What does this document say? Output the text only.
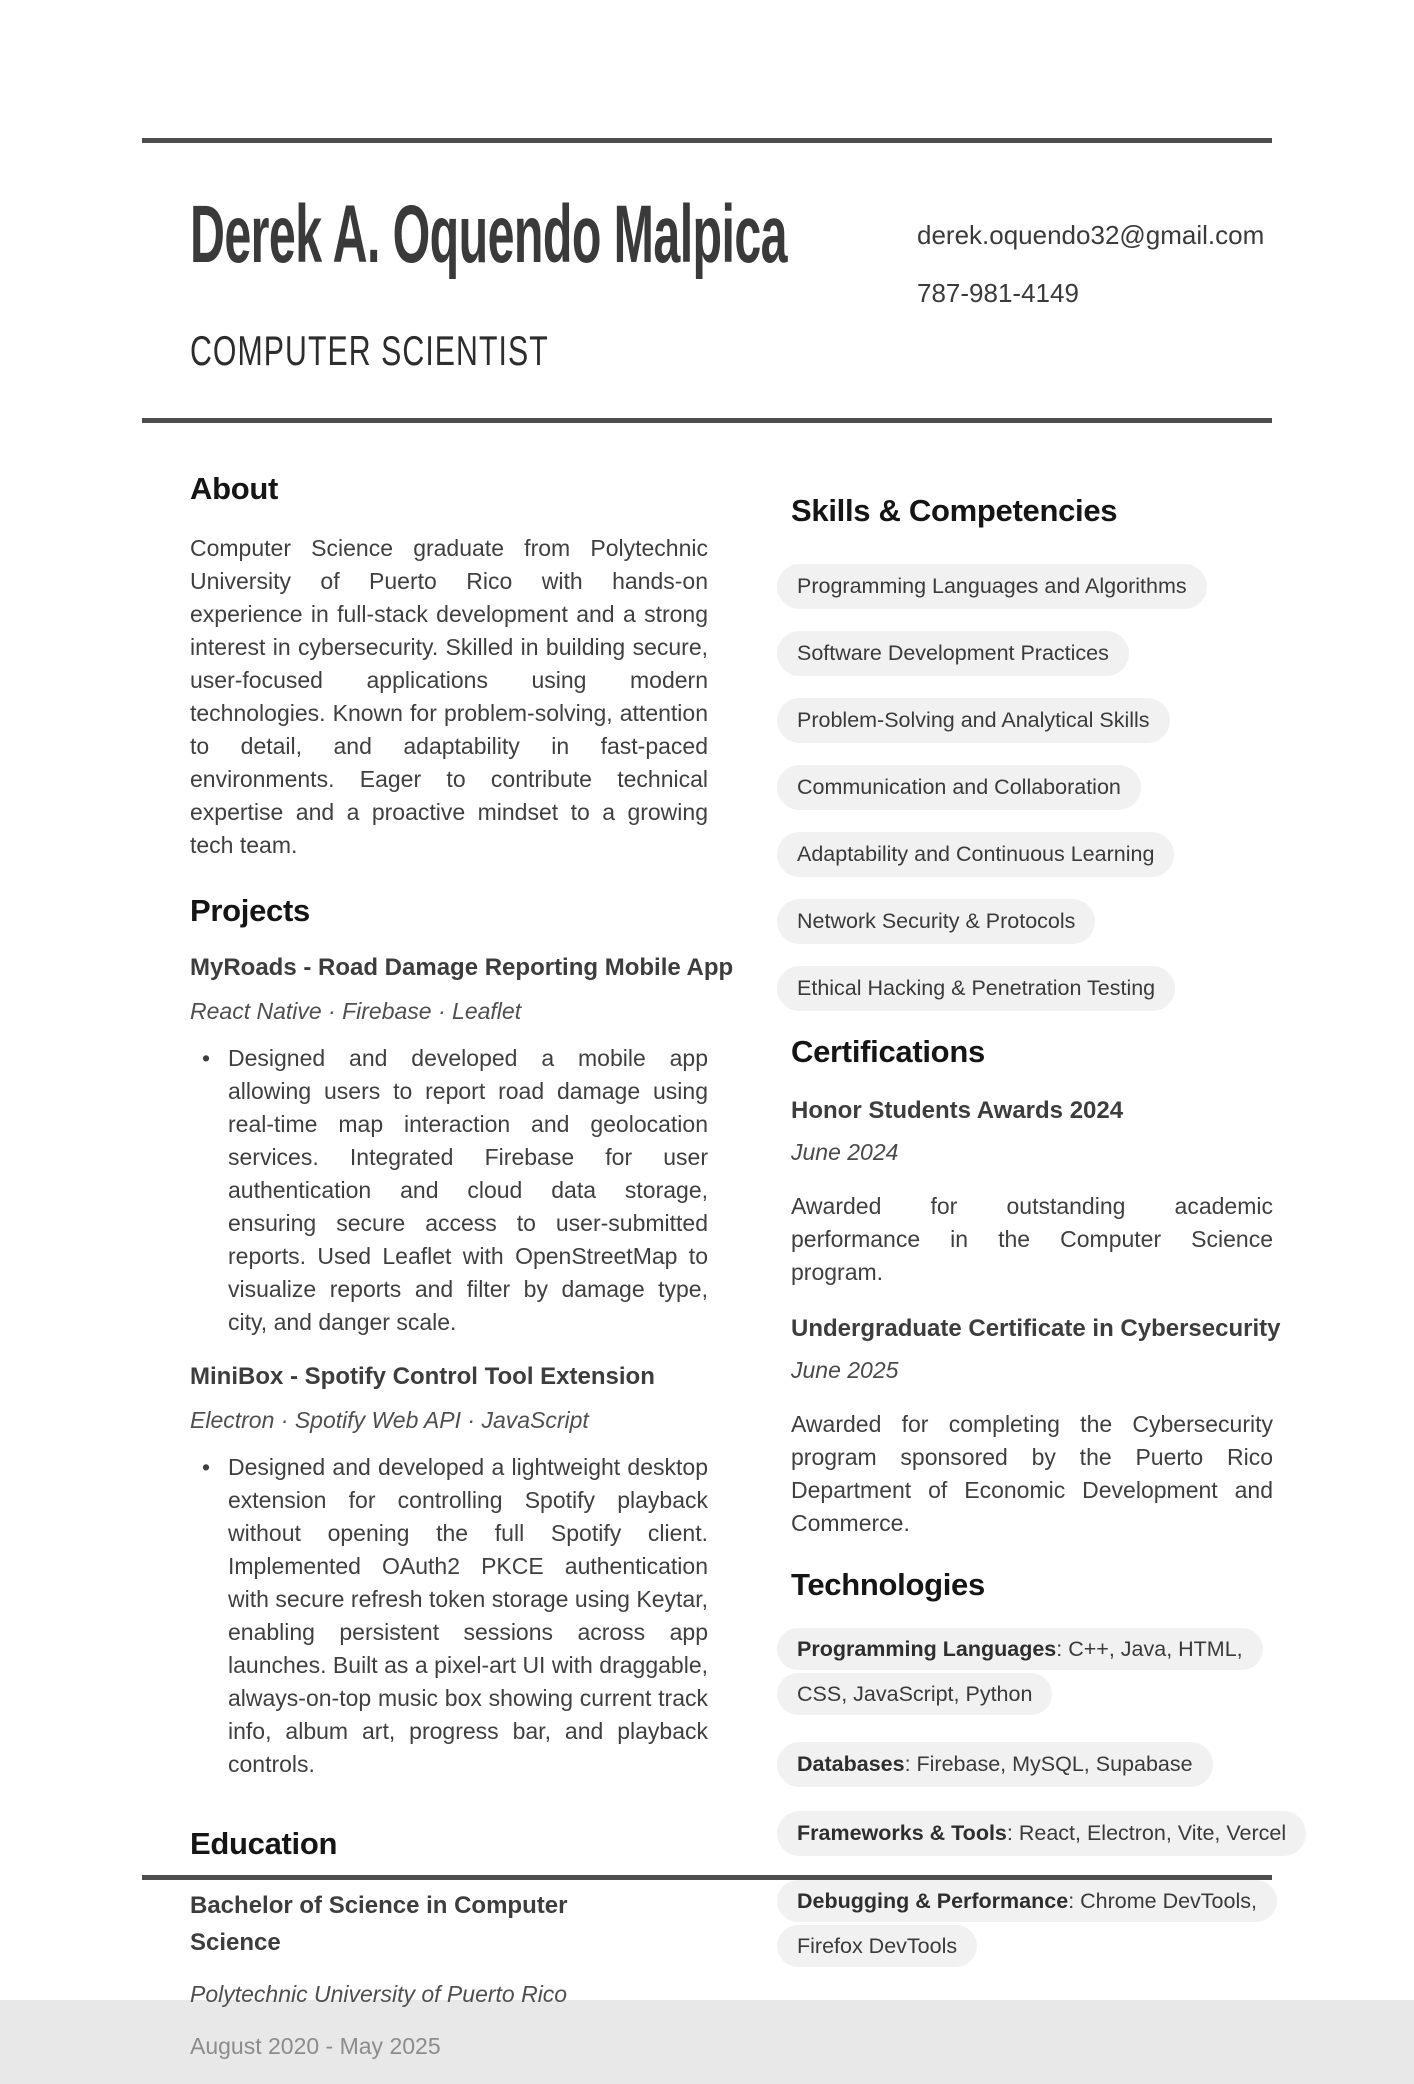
Derek A. Oquendo Malpica
COMPUTER SCIENTIST
derek.oquendo32@gmail.com
787-981-4149
About

Computer Science graduate from Polytechnic University of Puerto Rico with hands-on experience in full-stack development and a strong interest in cybersecurity. Skilled in building secure, user-focused applications using modern technologies. Known for problem-solving, attention to detail, and adaptability in fast-paced environments. Eager to contribute technical expertise and a proactive mindset to a growing tech team.

Projects
MyRoads - Road Damage Reporting Mobile App

React Native · Firebase · Leaflet

• Designed and developed a mobile app allowing users to report road damage using real-time map interaction and geolocation services. Integrated Firebase for user authentication and cloud data storage, ensuring secure access to user-submitted reports. Used Leaflet with OpenStreetMap to visualize reports and filter by damage type, city, and danger scale.
MiniBox - Spotify Control Tool Extension

Electron · Spotify Web API · JavaScript

• Designed and developed a lightweight desktop extension for controlling Spotify playback without opening the full Spotify client. Implemented OAuth2 PKCE authentication with secure refresh token storage using Keytar, enabling persistent sessions across app launches. Built as a pixel-art UI with draggable, always-on-top music box showing current track info, album art, progress bar, and playback controls.
Education
Bachelor of Science in Computer Science

Polytechnic University of Puerto Rico

August 2020 - May 2025

Skills & Competencies
Programming Languages and Algorithms
Software Development Practices
Problem-Solving and Analytical Skills
Communication and Collaboration
Adaptability and Continuous Learning
Network Security & Protocols
Ethical Hacking & Penetration Testing
Certifications
Honor Students Awards 2024

June 2024

Awarded for outstanding academic performance in the Computer Science program.

Undergraduate Certificate in Cybersecurity

June 2025

Awarded for completing the Cybersecurity program sponsored by the Puerto Rico Department of Economic Development and Commerce.

Technologies
Programming Languages: C++, Java, HTML, CSS, JavaScript, Python
Databases: Firebase, MySQL, Supabase
Frameworks & Tools: React, Electron, Vite, Vercel
Debugging & Performance: Chrome DevTools, Firefox DevTools
